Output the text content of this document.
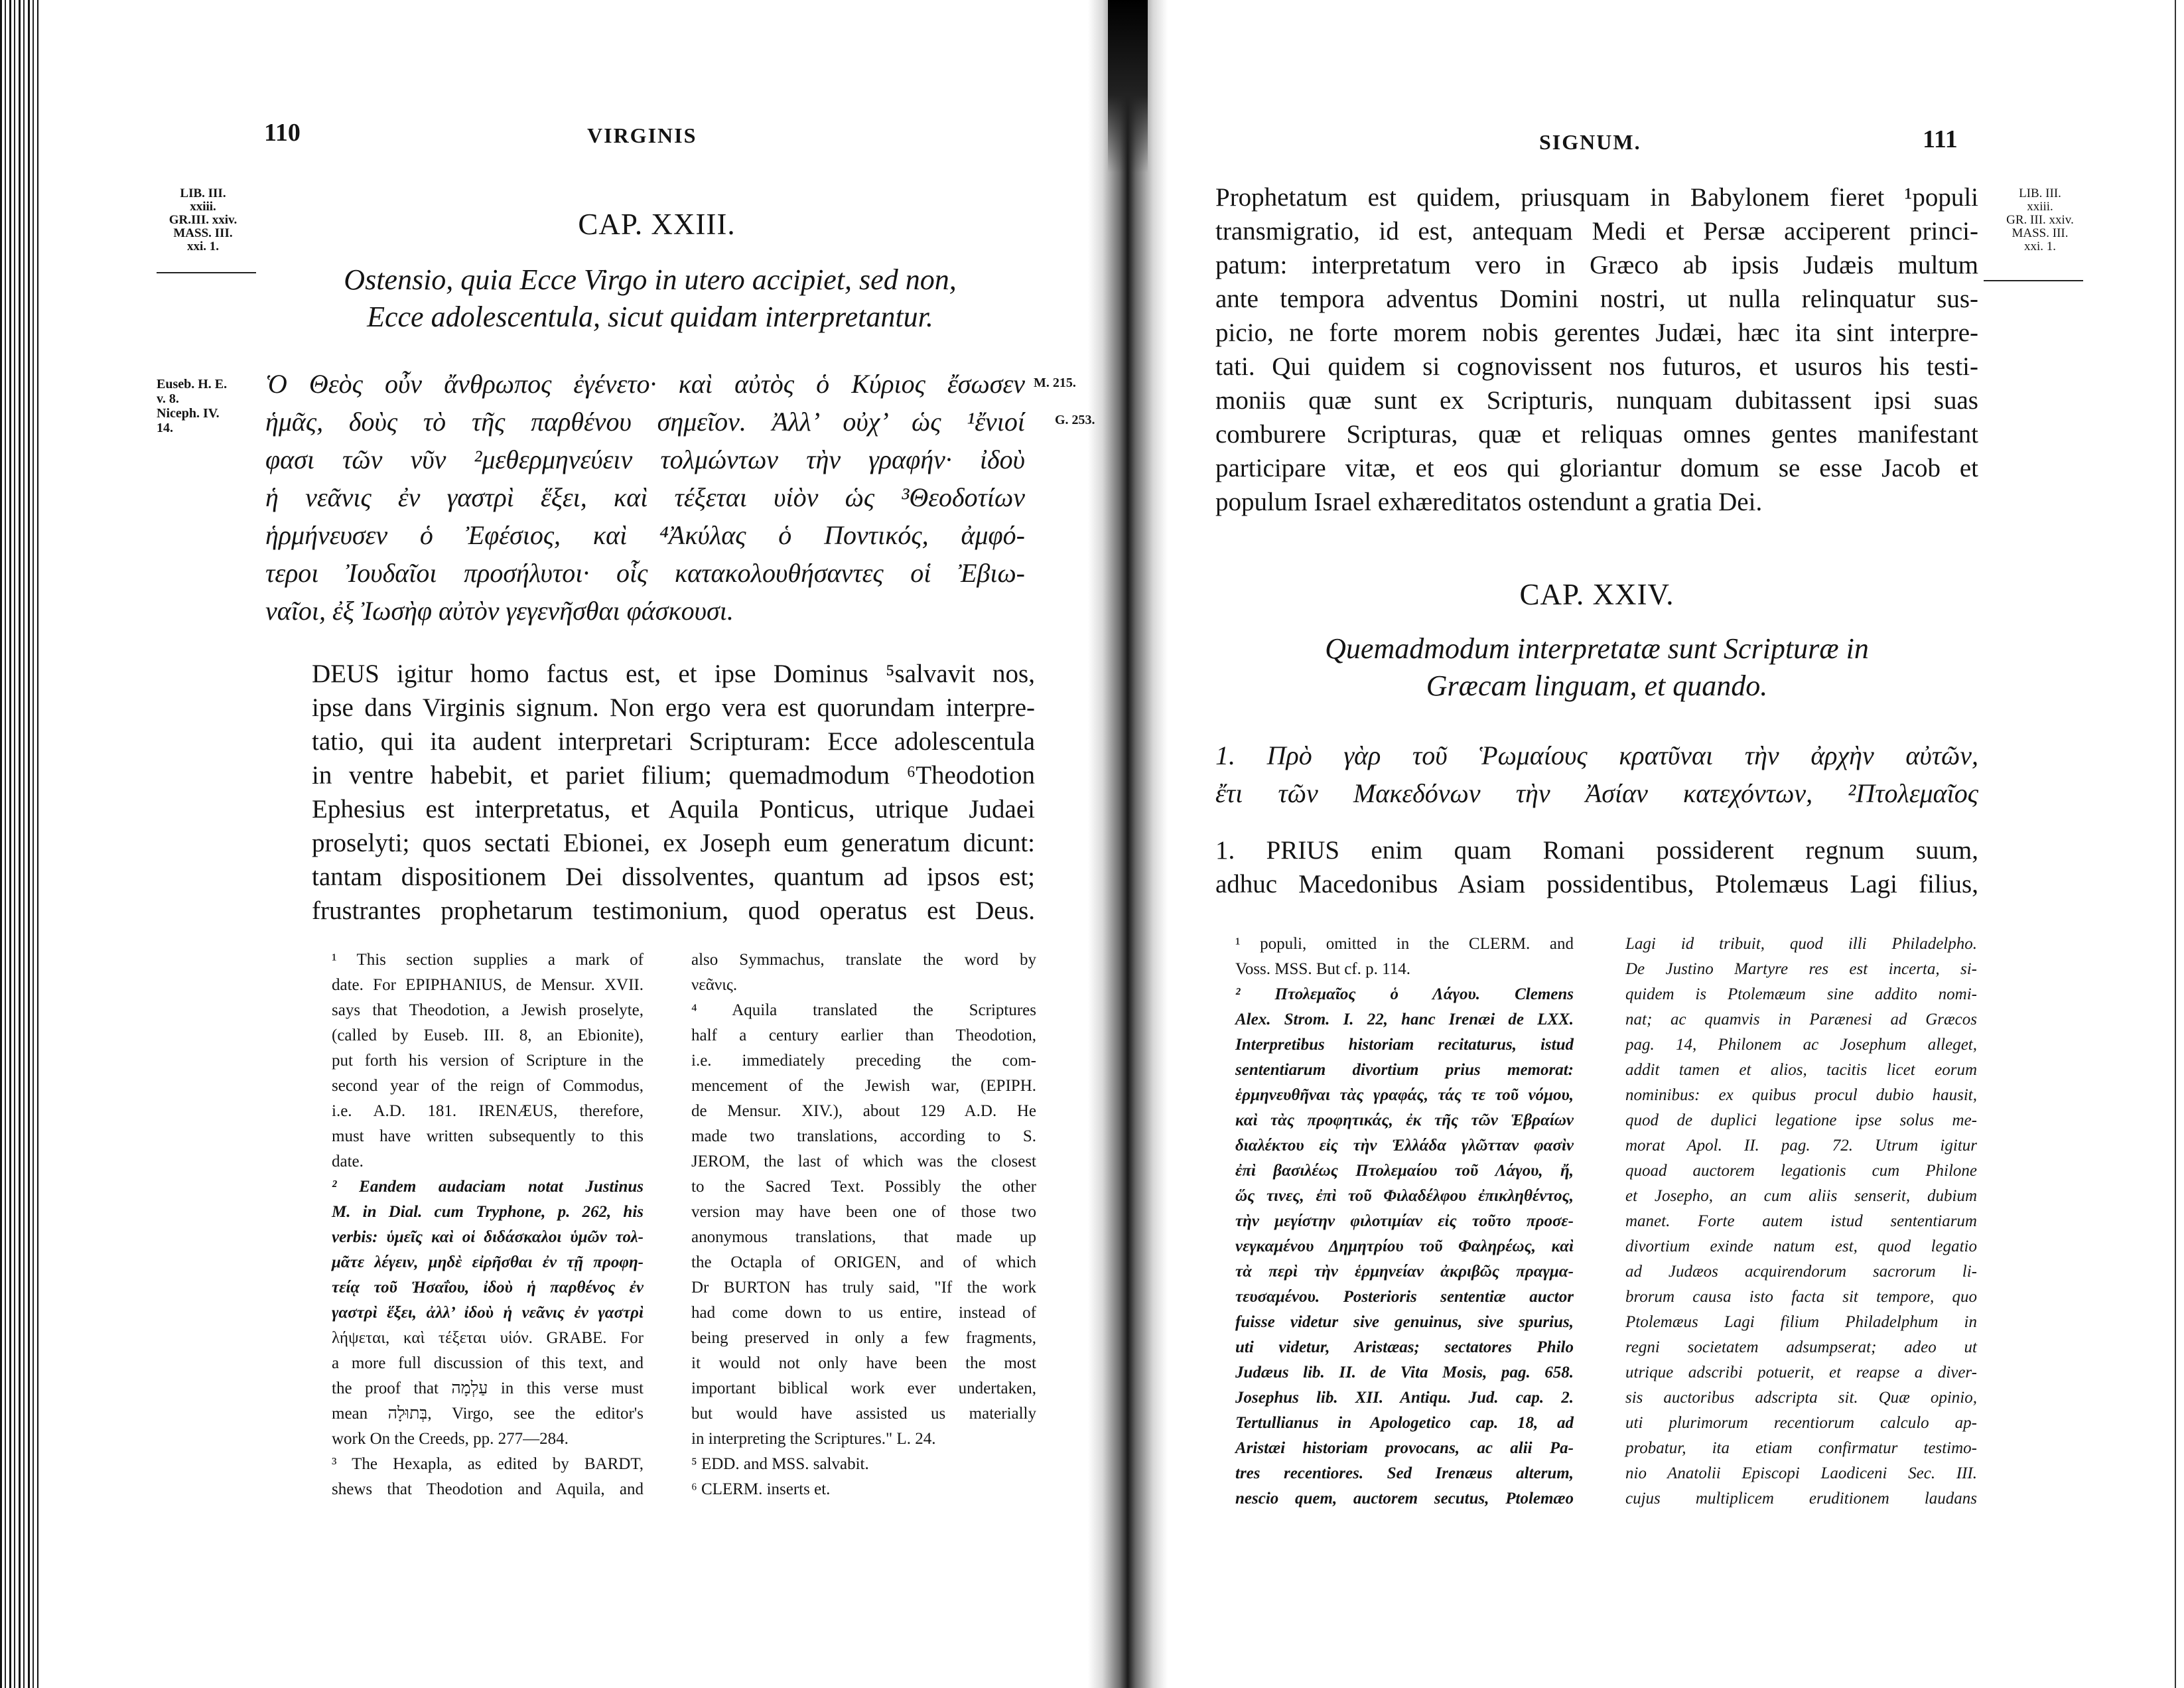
110	VIRGINIS
LIB. III.
xxiii.
GR.III. xxiv.
MASS. III.
xxi. 1.
CAP. XXIII.
Ostensio, quia Ecce Virgo in utero accipiet, sed non,
Ecce adolescentula, sicut quidam interpretantur.
Euseb. H. E.
v. 8.
Niceph. IV.
14.
M. 215.
G. 253.

Ὁ Θεὸς οὖν ἄνθρωπος ἐγένετο· καὶ αὐτὸς ὁ Κύριος ἔσωσεν

ἡμᾶς, δοὺς τὸ τῆς παρθένου σημεῖον. Ἀλλ’ οὐχ’ ὡς ¹ἔνιοί

φασι τῶν νῦν ²μεθερμηνεύειν τολμώντων τὴν γραφήν· ἰδοὺ

ἡ νεᾶνις ἐν γαστρὶ ἕξει, καὶ τέξεται υἱὸν ὡς ³Θεοδοτίων

ἡρμήνευσεν ὁ Ἐφέσιος, καὶ ⁴Ἀκύλας ὁ Ποντικός, ἀμφό-

τεροι Ἰουδαῖοι προσήλυτοι· οἷς κατακολουθήσαντες οἱ Ἐβιω-

ναῖοι, ἐξ Ἰωσὴφ αὐτὸν γεγενῆσθαι φάσκουσι.

DEUS igitur homo factus est, et ipse Dominus ⁵salvavit nos,

ipse dans Virginis signum. Non ergo vera est quorundam interpre-

tatio, qui ita audent interpretari Scripturam: Ecce adolescentula

in ventre habebit, et pariet filium; quemadmodum ⁶Theodotion

Ephesius est interpretatus, et Aquila Ponticus, utrique Judaei

proselyti; quos sectati Ebionei, ex Joseph eum generatum dicunt:

tantam dispositionem Dei dissolventes, quantum ad ipsos est;

frustrantes prophetarum testimonium, quod operatus est Deus.

¹ This section supplies a mark of

date. For EPIPHANIUS, de Mensur. XVII.

says that Theodotion, a Jewish proselyte,

(called by Euseb. III. 8, an Ebionite),

put forth his version of Scripture in the

second year of the reign of Commodus,

i.e. A.D. 181. IRENÆUS, therefore,

must have written subsequently to this

date.

² Eandem audaciam notat Justinus

M. in Dial. cum Tryphone, p. 262, his

verbis: ὑμεῖς καὶ οἱ διδάσκαλοι ὑμῶν τολ-

μᾶτε λέγειν, μηδὲ εἰρῆσθαι ἐν τῇ προφη-

τείᾳ τοῦ Ἡσαΐου, ἰδοὺ ἡ παρθένος ἐν

γαστρὶ ἕξει, ἀλλ’ ἰδοὺ ἡ νεᾶνις ἐν γαστρὶ

λήψεται, καὶ τέξεται υἱόν. GRABE. For

a more full discussion of this text, and

the proof that עַלְמָה in this verse must

mean בְּתוּלָה, Virgo, see the editor's

work On the Creeds, pp. 277—284.

³ The Hexapla, as edited by BARDT,

shews that Theodotion and Aquila, and

also Symmachus, translate the word by

νεᾶνις.

⁴ Aquila translated the Scriptures

half a century earlier than Theodotion,

i.e. immediately preceding the com-

mencement of the Jewish war, (EPIPH.

de Mensur. XIV.), about 129 A.D. He

made two translations, according to S.

JEROM, the last of which was the closest

to the Sacred Text. Possibly the other

version may have been one of those two

anonymous translations, that made up

the Octapla of ORIGEN, and of which

Dr BURTON has truly said, "If the work

had come down to us entire, instead of

being preserved in only a few fragments,

it would not only have been the most

important biblical work ever undertaken,

but would have assisted us materially

in interpreting the Scriptures." L. 24.

⁵ EDD. and MSS. salvabit.

⁶ CLERM. inserts et.

SIGNUM.	111
LIB. III.
xxiii.
GR. III. xxiv.
MASS. III.
xxi. 1.

Prophetatum est quidem, priusquam in Babylonem fieret ¹populi

transmigratio, id est, antequam Medi et Persæ acciperent princi-

patum: interpretatum vero in Græco ab ipsis Judæis multum

ante tempora adventus Domini nostri, ut nulla relinquatur sus-

picio, ne forte morem nobis gerentes Judæi, hæc ita sint interpre-

tati. Qui quidem si cognovissent nos futuros, et usuros his testi-

moniis quæ sunt ex Scripturis, nunquam dubitassent ipsi suas

comburere Scripturas, quæ et reliquas omnes gentes manifestant

participare vitæ, et eos qui gloriantur domum se esse Jacob et

populum Israel exhæreditatos ostendunt a gratia Dei.

CAP. XXIV.
Quemadmodum interpretatæ sunt Scripturæ in
Græcam linguam, et quando.

1. Πρὸ γὰρ τοῦ Ῥωμαίους κρατῦναι τὴν ἀρχὴν αὐτῶν,

ἔτι τῶν Μακεδόνων τὴν Ἀσίαν κατεχόντων, ²Πτολεμαῖος

1. PRIUS enim quam Romani possiderent regnum suum,

adhuc Macedonibus Asiam possidentibus, Ptolemæus Lagi filius,

¹ populi, omitted in the CLERM. and

Voss. MSS. But cf. p. 114.

² Πτολεμαῖος ὁ Λάγου. Clemens

Alex. Strom. I. 22, hanc Irenæi de LXX.

Interpretibus historiam recitaturus, istud

sententiarum divortium prius memorat:

ἑρμηνευθῆναι τὰς γραφάς, τάς τε τοῦ νόμου,

καὶ τὰς προφητικάς, ἐκ τῆς τῶν Ἑβραίων

διαλέκτου εἰς τὴν Ἑλλάδα γλῶτταν φασὶν

ἐπὶ βασιλέως Πτολεμαίου τοῦ Λάγου, ἤ,

ὥς τινες, ἐπὶ τοῦ Φιλαδέλφου ἐπικληθέντος,

τὴν μεγίστην φιλοτιμίαν εἰς τοῦτο προσε-

νεγκαμένου Δημητρίου τοῦ Φαληρέως, καὶ

τὰ περὶ τὴν ἑρμηνείαν ἀκριβῶς πραγμα-

τευσαμένου. Posterioris sententiæ auctor

fuisse videtur sive genuinus, sive spurius,

uti videtur, Aristæas; sectatores Philo

Judæus lib. II. de Vita Mosis, pag. 658.

Josephus lib. XII. Antiqu. Jud. cap. 2.

Tertullianus in Apologetico cap. 18, ad

Aristæi historiam provocans, ac alii Pa-

tres recentiores. Sed Irenæus alterum,

nescio quem, auctorem secutus, Ptolemæo

Lagi id tribuit, quod illi Philadelpho.

De Justino Martyre res est incerta, si-

quidem is Ptolemæum sine addito nomi-

nat; ac quamvis in Parænesi ad Græcos

pag. 14, Philonem ac Josephum alleget,

addit tamen et alios, tacitis licet eorum

nominibus: ex quibus procul dubio hausit,

quod de duplici legatione ipse solus me-

morat Apol. II. pag. 72. Utrum igitur

quoad auctorem legationis cum Philone

et Josepho, an cum aliis senserit, dubium

manet. Forte autem istud sententiarum

divortium exinde natum est, quod legatio

ad Judæos acquirendorum sacrorum li-

brorum causa isto facta sit tempore, quo

Ptolemæus Lagi filium Philadelphum in

regni societatem adsumpserat; adeo ut

utrique adscribi potuerit, et reapse a diver-

sis auctoribus adscripta sit. Quæ opinio,

uti plurimorum recentiorum calculo ap-

probatur, ita etiam confirmatur testimo-

nio Anatolii Episcopi Laodiceni Sec. III.

cujus multiplicem eruditionem laudans
